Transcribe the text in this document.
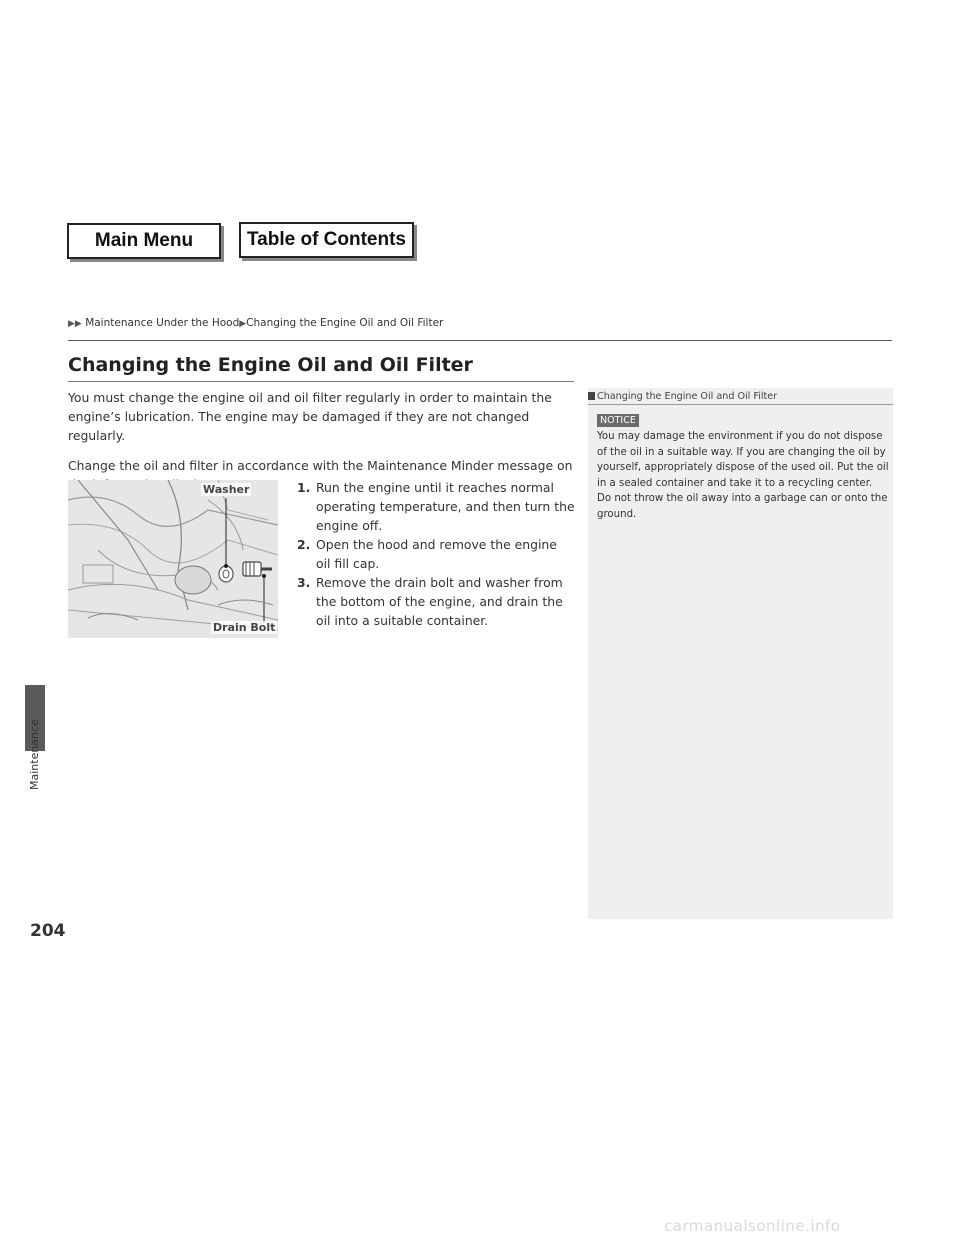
Main Menu	Table of Contents
▶▶ Maintenance Under the Hood▶Changing the Engine Oil and Oil Filter
Changing the Engine Oil and Oil Filter

You must change the engine oil and oil filter regularly in order to maintain the engine’s lubrication. The engine may be damaged if they are not changed regularly.

Change the oil and filter in accordance with the Maintenance Minder message on

Washer
Drain Bolt
1. Run the engine until it reaches normal operating temperature, and then turn the engine off.
2. Open the hood and remove the engine oil fill cap.
3. Remove the drain bolt and washer from the bottom of the engine, and drain the oil into a suitable container.
Changing the Engine Oil and Oil Filter
NOTICE
You may damage the environment if you do not dispose of the oil in a suitable way. If you are changing the oil by yourself, appropriately dispose of the used oil. Put the oil in a sealed container and take it to a recycling center. Do not throw the oil away into a garbage can or onto the ground.
Maintenance
204
carmanualsonline.info
